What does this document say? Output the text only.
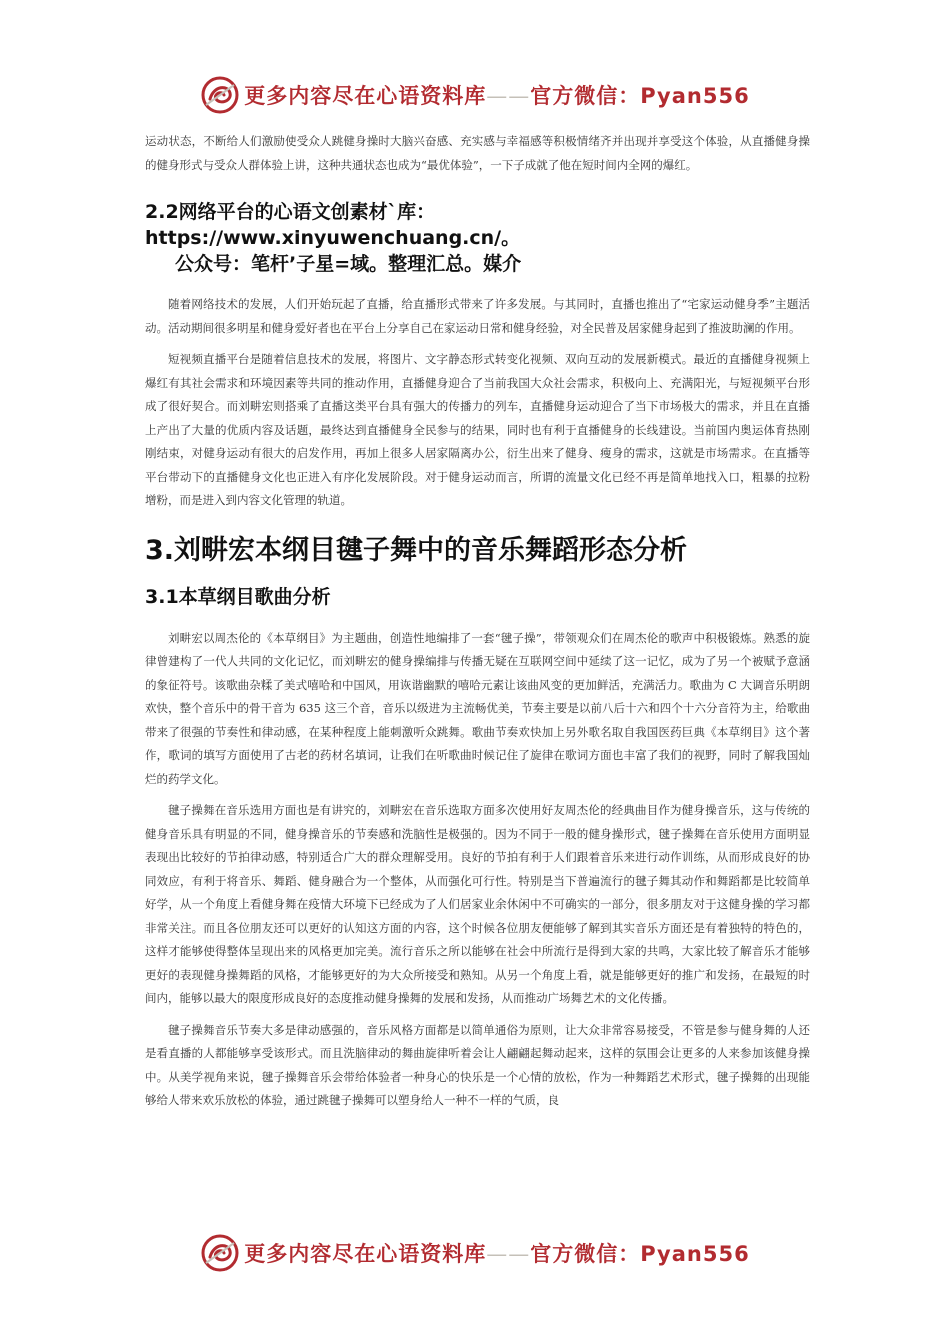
更多内容尽在心语资料库——官方微信：Pyan556

运动状态，不断给人们激励使受众人跳健身操时大脑兴奋感、充实感与幸福感等积极情绪齐并出现并享受这个体验，从直播健身操的健身形式与受众人群体验上讲，这种共通状态也成为“最优体验”，一下子成就了他在短时间内全网的爆红。

2.2网络平台的心语文创素材`库：https://www.xinyuwenchuang.cn/。
公众号：笔杆’子星=域。整理汇总。媒介

随着网络技术的发展，人们开始玩起了直播，给直播形式带来了许多发展。与其同时，直播也推出了“宅家运动健身季”主题活动。活动期间很多明星和健身爱好者也在平台上分享自己在家运动日常和健身经验，对全民普及居家健身起到了推波助澜的作用。

短视频直播平台是随着信息技术的发展，将图片、文字静态形式转变化视频、双向互动的发展新模式。最近的直播健身视频上爆红有其社会需求和环境因素等共同的推动作用，直播健身迎合了当前我国大众社会需求，积极向上、充满阳光，与短视频平台形成了很好契合。而刘畊宏则搭乘了直播这类平台具有强大的传播力的列车，直播健身运动迎合了当下市场极大的需求，并且在直播上产出了大量的优质内容及话题，最终达到直播健身全民参与的结果，同时也有利于直播健身的长线建设。当前国内奥运体育热刚刚结束，对健身运动有很大的启发作用，再加上很多人居家隔离办公，衍生出来了健身、瘦身的需求，这就是市场需求。在直播等平台带动下的直播健身文化也正进入有序化发展阶段。对于健身运动而言，所谓的流量文化已经不再是简单地找入口，粗暴的拉粉增粉，而是进入到内容文化管理的轨道。

3.刘畊宏本纲目毽子舞中的音乐舞蹈形态分析
3.1本草纲目歌曲分析

刘畊宏以周杰伦的《本草纲目》为主题曲，创造性地编排了一套“毽子操”，带领观众们在周杰伦的歌声中积极锻炼。熟悉的旋律曾建构了一代人共同的文化记忆，而刘畊宏的健身操编排与传播无疑在互联网空间中延续了这一记忆，成为了另一个被赋予意涵的象征符号。该歌曲杂糅了美式嘻哈和中国风，用诙谐幽默的嘻哈元素让该曲风变的更加鲜活，充满活力。歌曲为 C 大调音乐明朗欢快，整个音乐中的骨干音为 635 这三个音，音乐以级进为主流畅优美，节奏主要是以前八后十六和四个十六分音符为主，给歌曲带来了很强的节奏性和律动感，在某种程度上能刺激听众跳舞。歌曲节奏欢快加上另外歌名取自我国医药巨典《本草纲目》这个著作，歌词的填写方面使用了古老的药材名填词，让我们在听歌曲时候记住了旋律在歌词方面也丰富了我们的视野，同时了解我国灿烂的药学文化。

毽子操舞在音乐选用方面也是有讲究的，刘畊宏在音乐选取方面多次使用好友周杰伦的经典曲目作为健身操音乐，这与传统的健身音乐具有明显的不同，健身操音乐的节奏感和洗脑性是极强的。因为不同于一般的健身操形式，毽子操舞在音乐使用方面明显表现出比较好的节拍律动感，特别适合广大的群众理解受用。良好的节拍有利于人们跟着音乐来进行动作训练，从而形成良好的协同效应，有利于将音乐、舞蹈、健身融合为一个整体，从而强化可行性。特别是当下普遍流行的毽子舞其动作和舞蹈都是比较简单好学，从一个角度上看健身舞在疫情大环境下已经成为了人们居家业余休闲中不可确实的一部分，很多朋友对于这健身操的学习都非常关注。而且各位朋友还可以更好的认知这方面的内容，这个时候各位朋友便能够了解到其实音乐方面还是有着独特的特色的，这样才能够使得整体呈现出来的风格更加完美。流行音乐之所以能够在社会中所流行是得到大家的共鸣，大家比较了解音乐才能够更好的表现健身操舞蹈的风格，才能够更好的为大众所接受和熟知。从另一个角度上看，就是能够更好的推广和发扬，在最短的时间内，能够以最大的限度形成良好的态度推动健身操舞的发展和发扬，从而推动广场舞艺术的文化传播。

毽子操舞音乐节奏大多是律动感强的，音乐风格方面都是以简单通俗为原则，让大众非常容易接受，不管是参与健身舞的人还是看直播的人都能够享受该形式。而且洗脑律动的舞曲旋律听着会让人翩翩起舞动起来，这样的氛围会让更多的人来参加该健身操中。从美学视角来说，毽子操舞音乐会带给体验者一种身心的快乐是一个心情的放松，作为一种舞蹈艺术形式，毽子操舞的出现能够给人带来欢乐放松的体验，通过跳毽子操舞可以塑身给人一种不一样的气质，良

更多内容尽在心语资料库——官方微信：Pyan556
